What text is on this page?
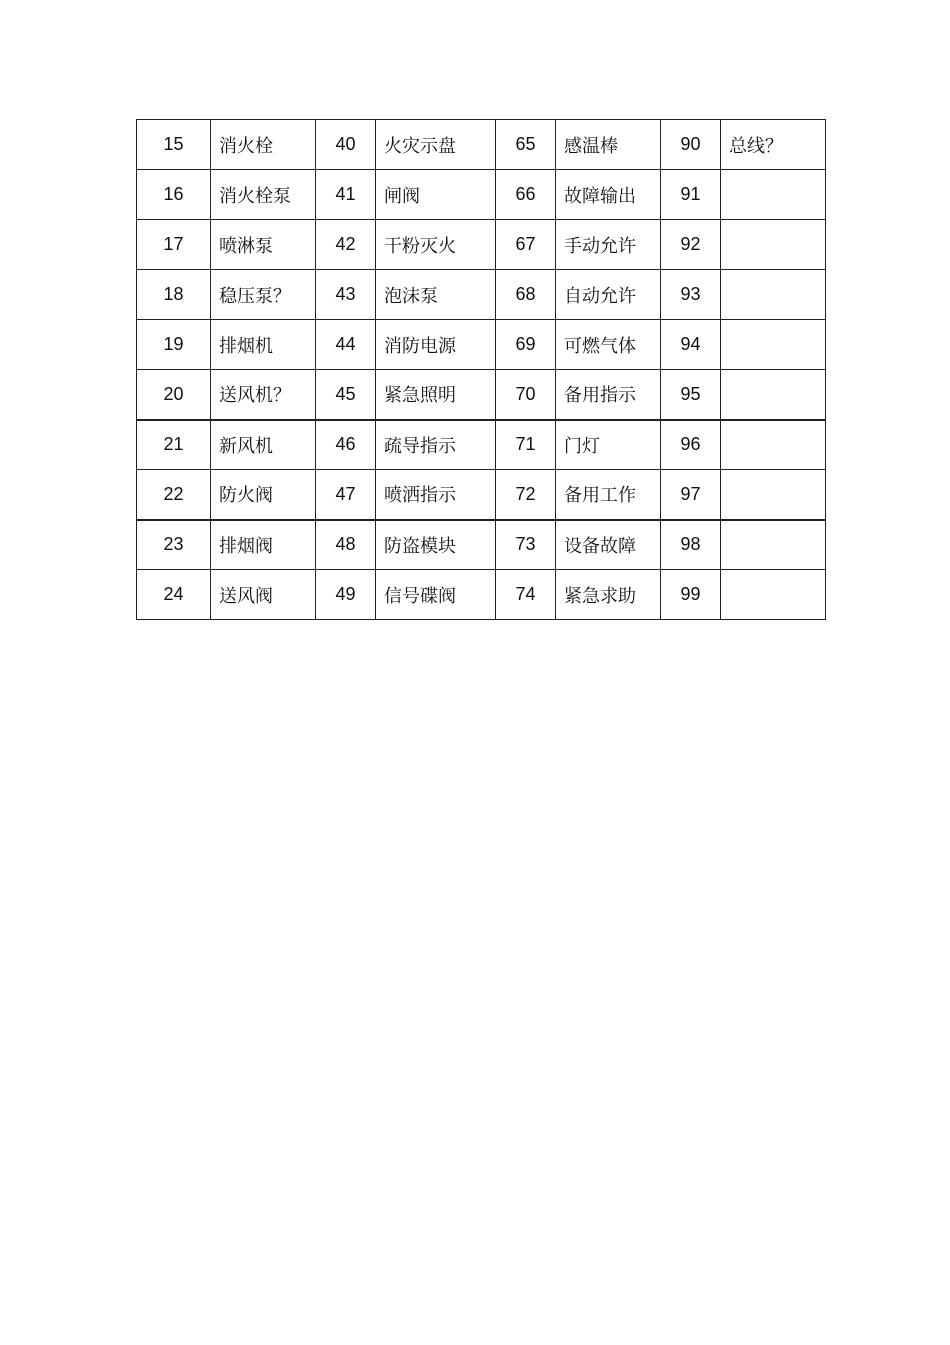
15	消火栓	40	火灾示盘	65	感温棒	90	总线？
16	消火栓泵	41	闸阀	66	故障输出	91	
17	喷淋泵	42	干粉灭火	67	手动允许	92	
18	稳压泵？	43	泡沫泵	68	自动允许	93	
19	排烟机	44	消防电源	69	可燃气体	94	
20	送风机？	45	紧急照明	70	备用指示	95	
21	新风机	46	疏导指示	71	门灯	96	
22	防火阀	47	喷洒指示	72	备用工作	97	
23	排烟阀	48	防盗模块	73	设备故障	98	
24	送风阀	49	信号碟阀	74	紧急求助	99	
